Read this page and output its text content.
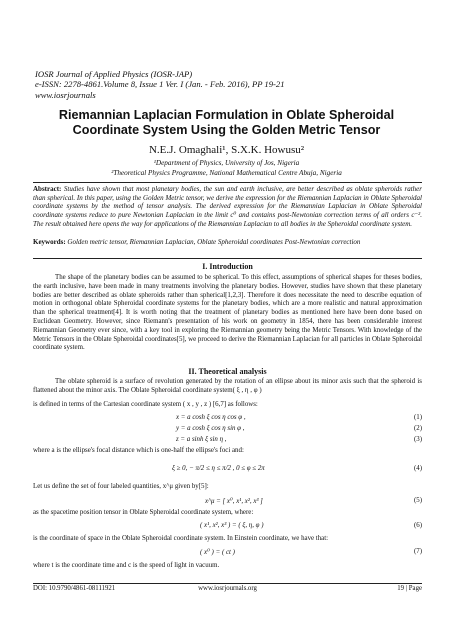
IOSR Journal of Applied Physics (IOSR-JAP)
e-ISSN: 2278-4861.Volume 8, Issue 1 Ver. I (Jan. - Feb. 2016), PP 19-21
www.iosrjournals
Riemannian Laplacian Formulation in Oblate Spheroidal
Coordinate System Using the Golden Metric Tensor
N.E.J. Omaghali¹, S.X.K. Howusu²
¹Department of Physics, University of Jos, Nigeria
²Theoretical Physics Programme, National Mathematical Centre Abuja, Nigeria
Abstract: Studies have shown that most planetary bodies, the sun and earth inclusive, are better described as oblate spheroids rather than spherical. In this paper, using the Golden Metric tensor, we derive the expression for the Riemannian Laplacian in Oblate Spheroidal coordinate systems by the method of tensor analysis. The derived expression for the Riemannian Laplacian in Oblate Spheroidal coordinate systems reduce to pure Newtonian Laplacian in the limit c⁰ and contains post-Newtonian correction terms of all orders c⁻². The result obtained here opens the way for applications of the Riemannian Laplacian to all bodies in the Spheroidal coordinate system.
Keywords: Golden metric tensor, Riemannian Laplacian, Oblate Spheroidal coordinates Post-Newtonian correction
I. Introduction

The shape of the planetary bodies can be assumed to be spherical. To this effect, assumptions of spherical shapes for theses bodies, the earth inclusive, have been made in many treatments involving the planetary bodies. However, studies have shown that these planetary bodies are better described as oblate spheroids rather than spherical[1,2,3]. Therefore it does necessitate the need to describe equation of motion in orthogonal oblate Spheroidal coordinate systems for the planetary bodies, which are a more realistic and natural approximation than the spherical treatment[4]. It is worth noting that the treatment of planetary bodies as mentioned here have been done based on Euclidean Geometry. However, since Riemann's presentation of his work on geometry in 1854, there has been considerable interest Riemannian Geometry ever since, with a key tool in exploring the Riemannian geometry being the Metric Tensors. With knowledge of the Metric Tensors in the Oblate Spheroidal coordinates[5], we proceed to derive the Riemannian Laplacian for all particles in Oblate Spheroidal coordinate system.

II. Theoretical analysis

The oblate spheroid is a surface of revolution generated by the rotation of an ellipse about its minor axis such that the spheroid is flattened about the minor axis. The Oblate Spheroidal coordinate system( ξ , η , φ )

is defined in terms of the Cartesian coordinate system ( x , y , z ) [6,7] as follows:
x = a cosh ξ cos η cos φ ,	(1)
y = a cosh ξ cos η sin φ ,	(2)
z = a sinh ξ sin η ,	(3)
where a is the ellipse's focal distance which is one-half the ellipse's foci and:
ξ ≥ 0, − π/2 ≤ η ≤ π/2 , 0 ≤ φ ≤ 2π	(4)
Let us define the set of four labeled quantities, x^μ given by[5]:
x^μ = [ x⁰, x¹, x², x³ ]	(5)
as the spacetime position tensor in Oblate Spheroidal coordinate system, where:
( x¹, x², x³ ) = ( ξ, η, φ )	(6)
is the coordinate of space in the Oblate Spheroidal coordinate system. In Einstein coordinate, we have that:
( x⁰ ) = ( ct )	(7)
where t is the coordinate time and c is the speed of light in vacuum.
DOI: 10.9790/4861-08111921	www.iosrjournals.org	19 | Page
